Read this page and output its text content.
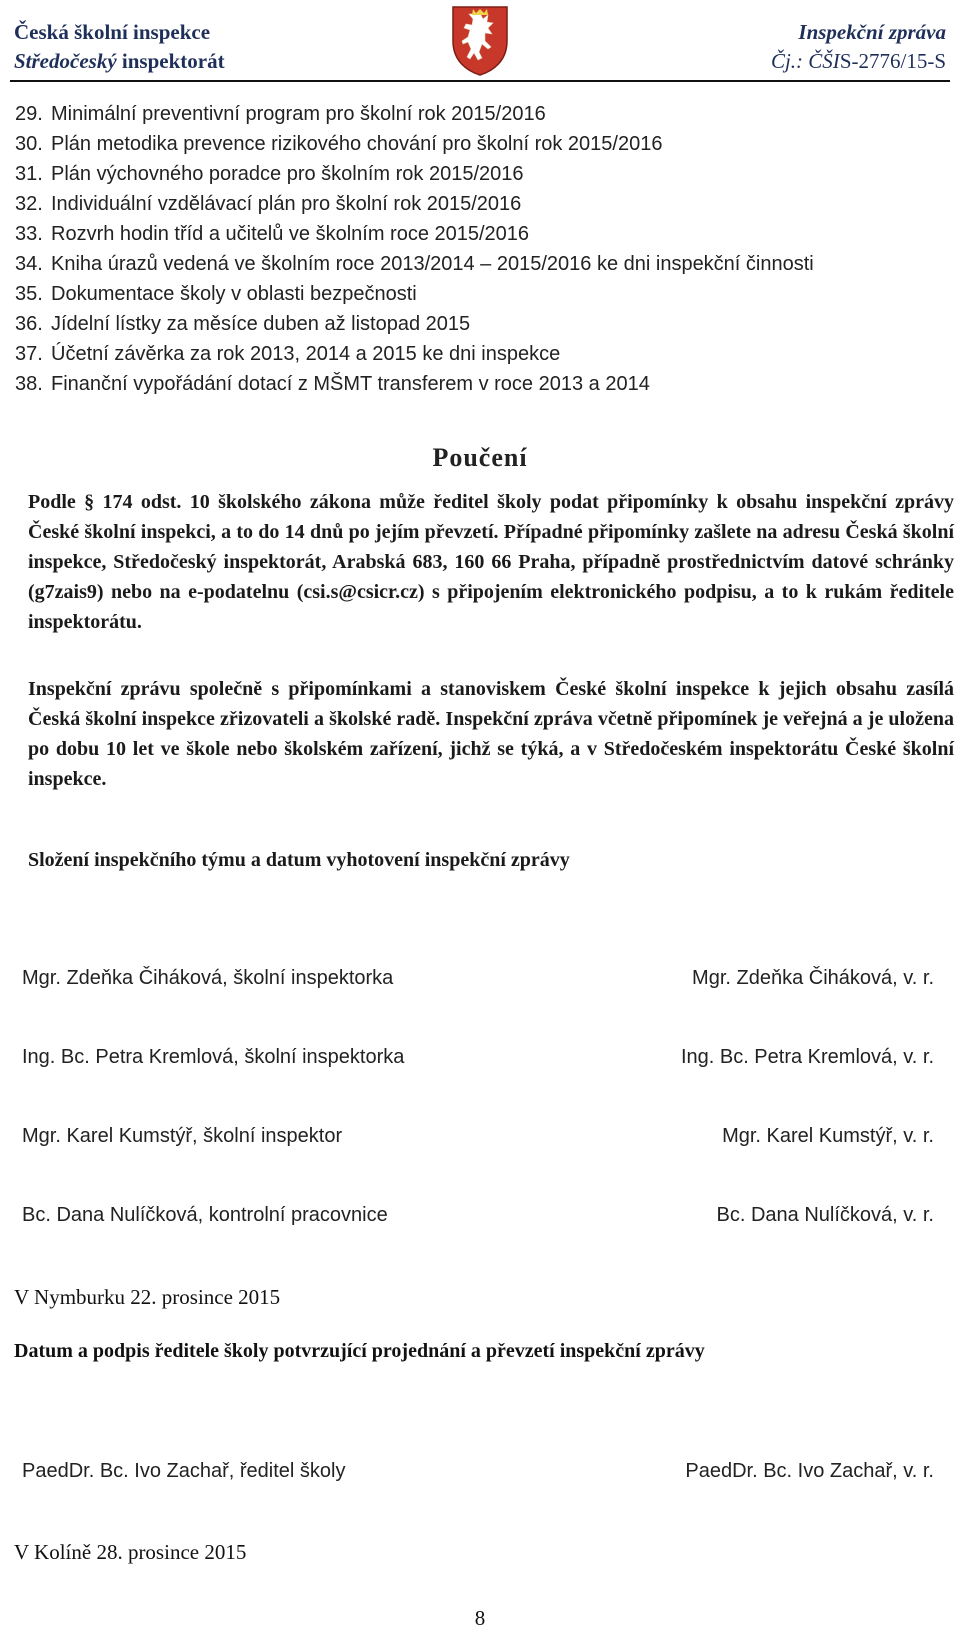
Česká školní inspekce
Středočeský inspektorát
Inspekční zpráva
Čj.: ČŠIS-2776/15-S
29. Minimální preventivní program pro školní rok 2015/2016
30. Plán metodika prevence rizikového chování pro školní rok 2015/2016
31. Plán výchovného poradce pro školním rok 2015/2016
32. Individuální vzdělávací plán pro školní rok 2015/2016
33. Rozvrh hodin tříd a učitelů ve školním roce 2015/2016
34. Kniha úrazů vedená ve školním roce 2013/2014 – 2015/2016 ke dni inspekční činnosti
35. Dokumentace školy v oblasti bezpečnosti
36. Jídelní lístky za měsíce duben až listopad 2015
37. Účetní závěrka za rok 2013, 2014 a 2015 ke dni inspekce
38. Finanční vypořádání dotací z MŠMT transferem v roce 2013 a 2014
Poučení
Podle § 174 odst. 10 školského zákona může ředitel školy podat připomínky k obsahu inspekční zprávy České školní inspekci, a to do 14 dnů po jejím převzetí. Případné připomínky zašlete na adresu Česká školní inspekce, Středočeský inspektorát, Arabská 683, 160 66 Praha, případně prostřednictvím datové schránky (g7zais9) nebo na e-podatelnu (csi.s@csicr.cz) s připojením elektronického podpisu, a to k rukám ředitele inspektorátu.
Inspekční zprávu společně s připomínkami a stanoviskem České školní inspekce k jejich obsahu zasílá Česká školní inspekce zřizovateli a školské radě. Inspekční zpráva včetně připomínek je veřejná a je uložena po dobu 10 let ve škole nebo školském zařízení, jichž se týká, a v Středočeském inspektorátu České školní inspekce.
Složení inspekčního týmu a datum vyhotovení inspekční zprávy
Mgr. Zdeňka Čiháková, školní inspektorka	Mgr. Zdeňka Čiháková, v. r.
Ing. Bc. Petra Kremlová, školní inspektorka	Ing. Bc. Petra Kremlová, v. r.
Mgr. Karel Kumstýř, školní inspektor	Mgr. Karel Kumstýř, v. r.
Bc. Dana Nulíčková, kontrolní pracovnice	Bc. Dana Nulíčková, v. r.
V Nymburku 22. prosince 2015
Datum a podpis ředitele školy potvrzující projednání a převzetí inspekční zprávy
PaedDr. Bc. Ivo Zachař, ředitel školy	PaedDr. Bc. Ivo Zachař, v. r.
V Kolíně 28. prosince 2015
8
